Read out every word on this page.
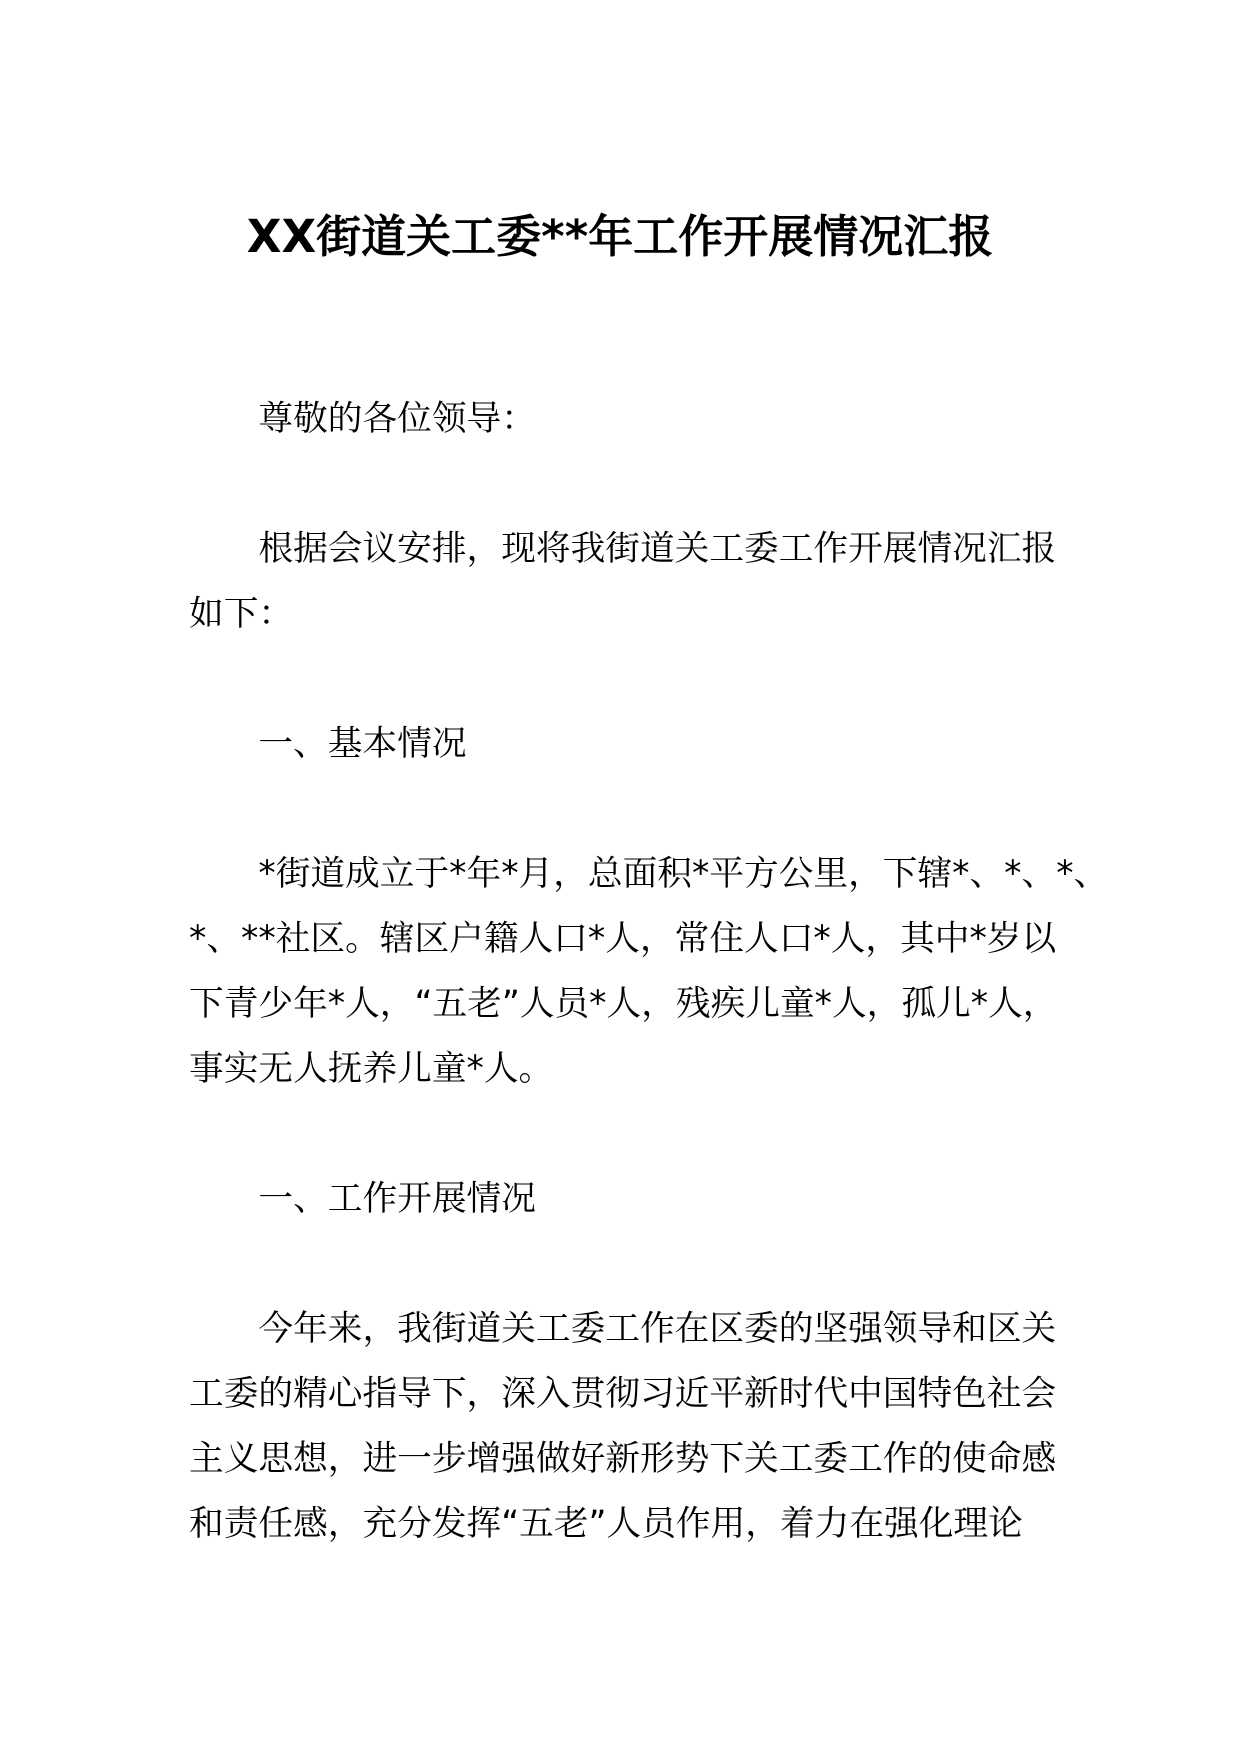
XX街道关工委**年工作开展情况汇报
尊敬的各位领导：
根据会议安排，现将我街道关工委工作开展情况汇报
如下：
一、基本情况
*街道成立于*年*月，总面积*平方公里，下辖*、*、*、
*、**社区。辖区户籍人口*人，常住人口*人，其中*岁以
下青少年*人，“五老”人员*人，残疾儿童*人，孤儿*人，
事实无人抚养儿童*人。
一、工作开展情况
今年来，我街道关工委工作在区委的坚强领导和区关
工委的精心指导下，深入贯彻习近平新时代中国特色社会
主义思想，进一步增强做好新形势下关工委工作的使命感
和责任感，充分发挥“五老”人员作用，着力在强化理论
